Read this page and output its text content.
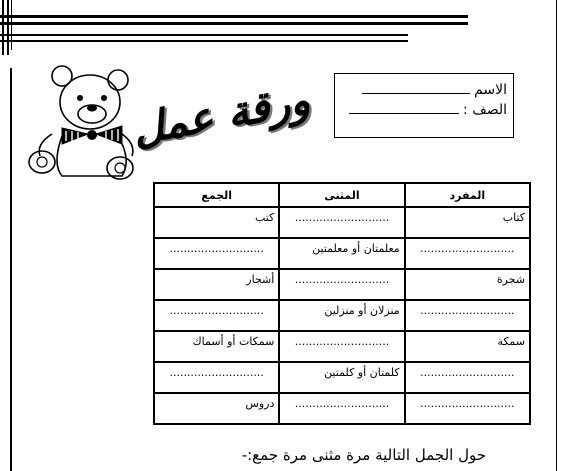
ورقة عمل	الاسم
الصف :
المفرد	المثنى	الجمع
كتاب	...........................	كتب
...........................	معلمتان أو معلمتين	...........................
شجرة	...........................	أشجار
...........................	منزلان أو منزلين	...........................
سمكة	...........................	سمكات أو أسماك
...........................	كلمتان أو كلمتين	...........................
...........................	...........................	دروس
حول الجمل التالية مرة مثنى مرة جمع:-
